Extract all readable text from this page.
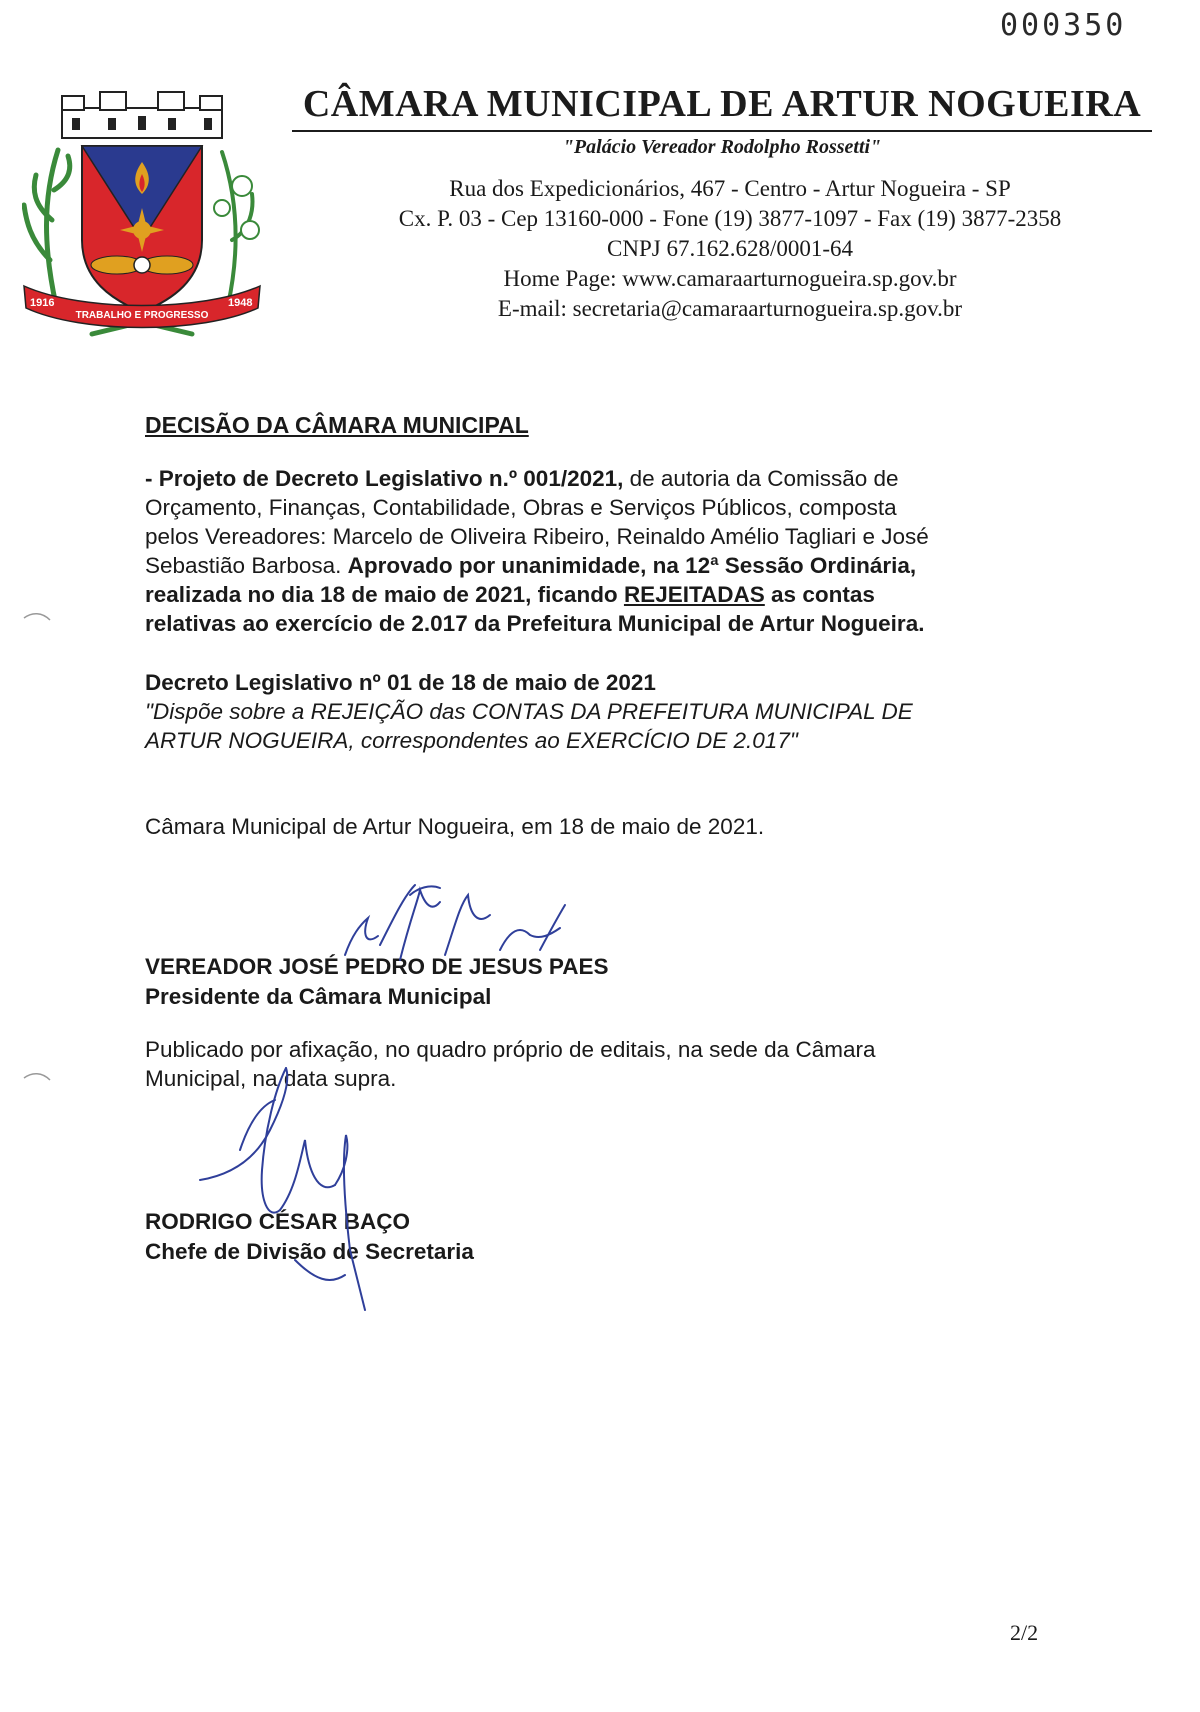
000350
1916
TRABALHO E PROGRESSO
1948
CÂMARA MUNICIPAL DE ARTUR NOGUEIRA
"Palácio Vereador Rodolpho Rossetti"
Rua dos Expedicionários, 467 - Centro - Artur Nogueira - SP
Cx. P. 03 - Cep 13160-000 - Fone (19) 3877-1097 - Fax (19) 3877-2358
CNPJ 67.162.628/0001-64
Home Page: www.camaraarturnogueira.sp.gov.br
E-mail: secretaria@camaraarturnogueira.sp.gov.br
DECISÃO DA CÂMARA MUNICIPAL
- Projeto de Decreto Legislativo n.º 001/2021, de autoria da Comissão de
Orçamento, Finanças, Contabilidade, Obras e Serviços Públicos, composta
pelos Vereadores: Marcelo de Oliveira Ribeiro, Reinaldo Amélio Tagliari e José
Sebastião Barbosa. Aprovado por unanimidade, na 12ª Sessão Ordinária,
realizada no dia 18 de maio de 2021, ficando REJEITADAS as contas
relativas ao exercício de 2.017 da Prefeitura Municipal de Artur Nogueira.
Decreto Legislativo nº 01 de 18 de maio de 2021
"Dispõe sobre a REJEIÇÃO das CONTAS DA PREFEITURA MUNICIPAL DE
ARTUR NOGUEIRA, correspondentes ao EXERCÍCIO DE 2.017"
Câmara Municipal de Artur Nogueira, em 18 de maio de 2021.
VEREADOR JOSÉ PEDRO DE JESUS PAES
Presidente da Câmara Municipal
Publicado por afixação, no quadro próprio de editais, na sede da Câmara
Municipal, na data supra.
RODRIGO CÉSAR BAÇO
Chefe de Divisão de Secretaria
2/2
